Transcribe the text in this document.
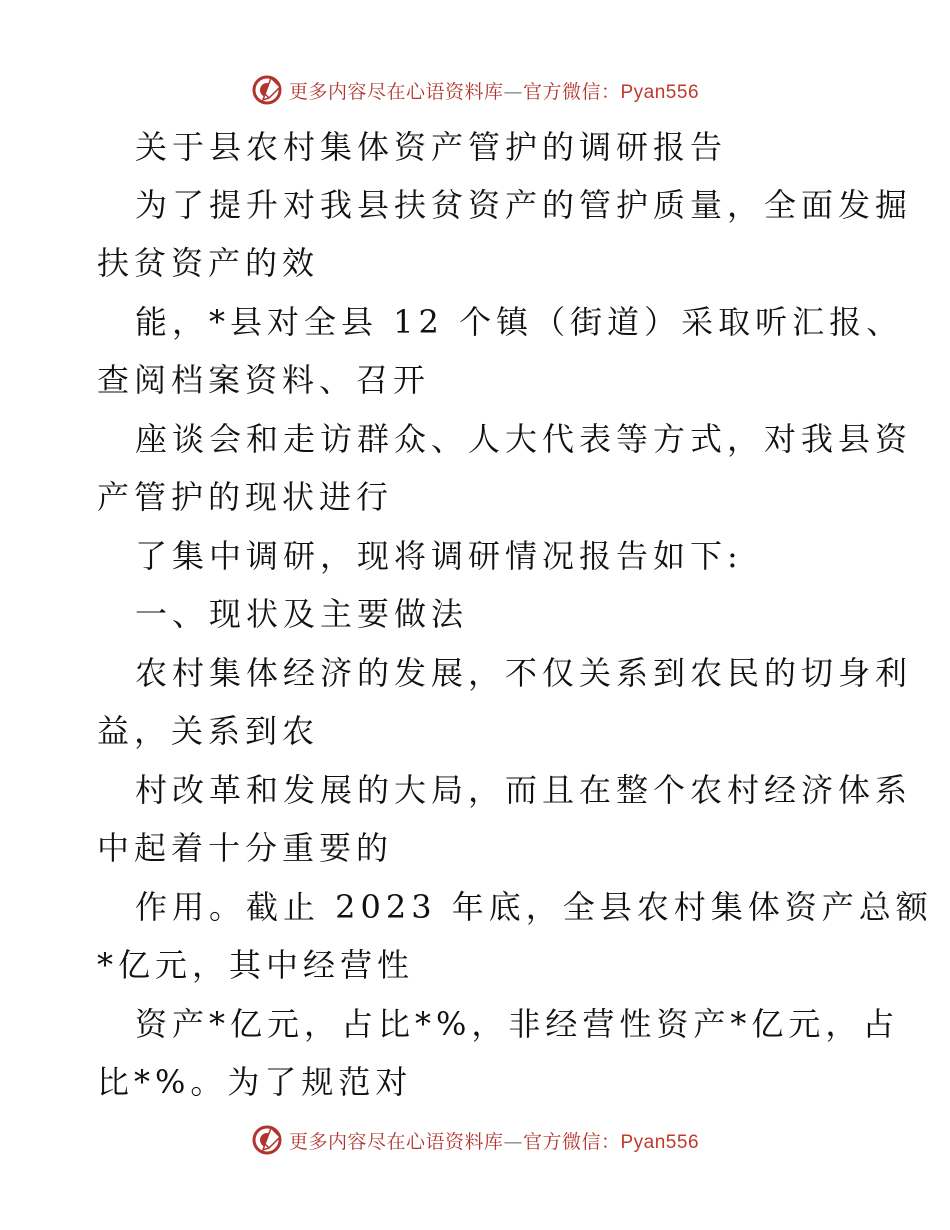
更多内容尽在心语资料库—官方微信：Pyan556
关于县农村集体资产管护的调研报告
为了提升对我县扶贫资产的管护质量，全面发掘
扶贫资产的效
能，*县对全县 12 个镇（街道）采取听汇报、
查阅档案资料、召开
座谈会和走访群众、人大代表等方式，对我县资
产管护的现状进行
了集中调研，现将调研情况报告如下:
一、现状及主要做法
农村集体经济的发展，不仅关系到农民的切身利
益，关系到农
村改革和发展的大局，而且在整个农村经济体系
中起着十分重要的
作用。截止 2023 年底，全县农村集体资产总额
*亿元，其中经营性
资产*亿元，占比*%，非经营性资产*亿元，占
比*%。为了规范对
更多内容尽在心语资料库—官方微信：Pyan556
